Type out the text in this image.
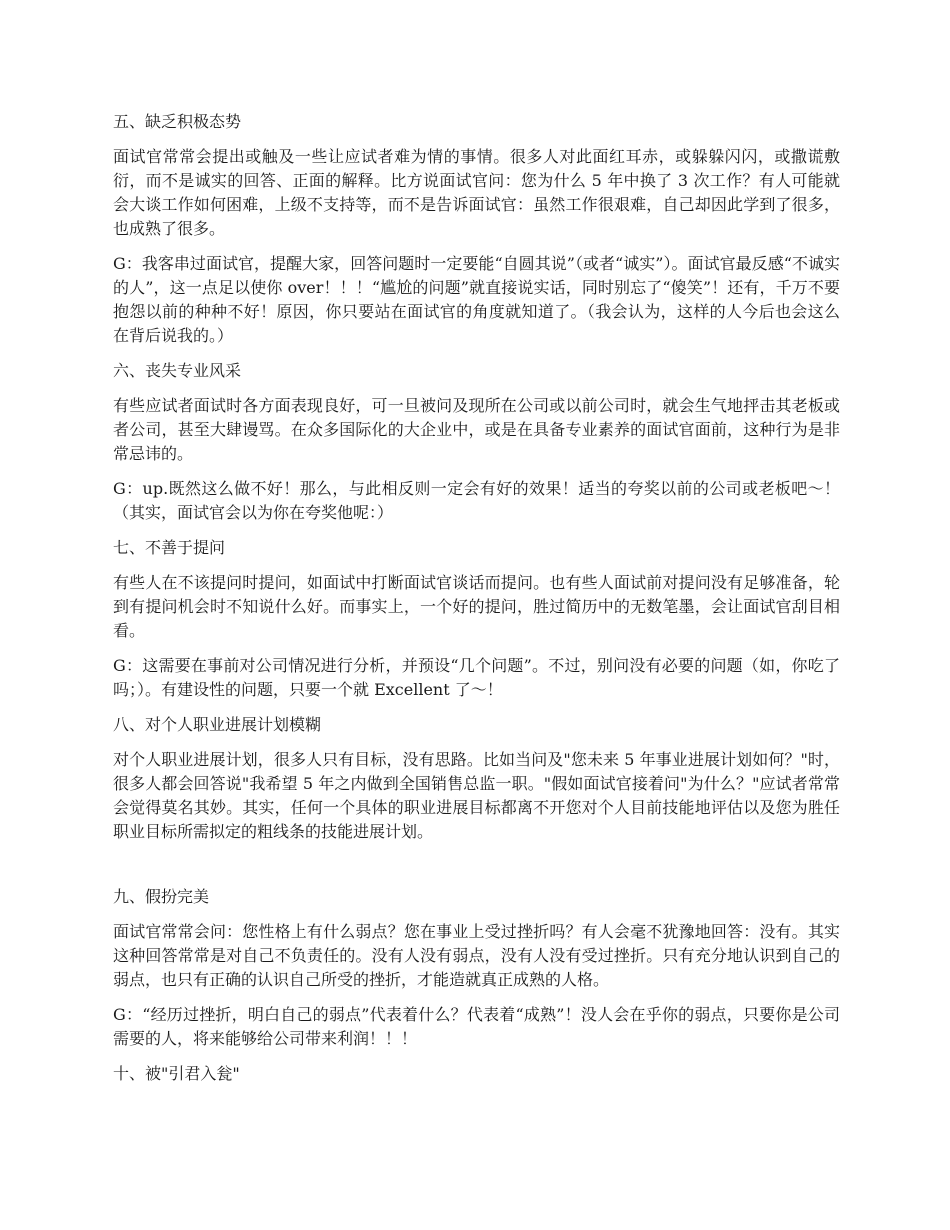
五、缺乏积极态势
面试官常常会提出或触及一些让应试者难为情的事情。很多人对此面红耳赤，或躲躲闪闪，或撒谎敷衍，而不是诚实的回答、正面的解释。比方说面试官问：您为什么 5 年中换了 3 次工作？有人可能就会大谈工作如何困难，上级不支持等，而不是告诉面试官：虽然工作很艰难，自己却因此学到了很多，也成熟了很多。
G：我客串过面试官，提醒大家，回答问题时一定要能“自圆其说”（或者“诚实”）。面试官最反感“不诚实的人”，这一点足以使你 over！！！“尴尬的问题”就直接说实话，同时别忘了“傻笑”！还有，千万不要抱怨以前的种种不好！原因，你只要站在面试官的角度就知道了。（我会认为，这样的人今后也会这么在背后说我的。）
六、丧失专业风采
有些应试者面试时各方面表现良好，可一旦被问及现所在公司或以前公司时，就会生气地抨击其老板或者公司，甚至大肆谩骂。在众多国际化的大企业中，或是在具备专业素养的面试官面前，这种行为是非常忌讳的。
G：up.既然这么做不好！那么，与此相反则一定会有好的效果！适当的夸奖以前的公司或老板吧～！（其实，面试官会以为你在夸奖他呢：）
七、不善于提问
有些人在不该提问时提问，如面试中打断面试官谈话而提问。也有些人面试前对提问没有足够准备，轮到有提问机会时不知说什么好。而事实上，一个好的提问，胜过简历中的无数笔墨，会让面试官刮目相看。
G：这需要在事前对公司情况进行分析，并预设“几个问题”。不过，别问没有必要的问题（如，你吃了吗；）。有建设性的问题，只要一个就 Excellent 了～！
八、对个人职业进展计划模糊
对个人职业进展计划，很多人只有目标，没有思路。比如当问及"您未来 5 年事业进展计划如何？"时，很多人都会回答说"我希望 5 年之内做到全国销售总监一职。"假如面试官接着问"为什么？"应试者常常会觉得莫名其妙。其实，任何一个具体的职业进展目标都离不开您对个人目前技能地评估以及您为胜任职业目标所需拟定的粗线条的技能进展计划。
九、假扮完美
面试官常常会问：您性格上有什么弱点？您在事业上受过挫折吗？有人会毫不犹豫地回答：没有。其实这种回答常常是对自己不负责任的。没有人没有弱点，没有人没有受过挫折。只有充分地认识到自己的弱点，也只有正确的认识自己所受的挫折，才能造就真正成熟的人格。
G：“经历过挫折，明白自己的弱点”代表着什么？代表着“成熟”！没人会在乎你的弱点，只要你是公司需要的人，将来能够给公司带来利润！！！
十、被"引君入瓮"
